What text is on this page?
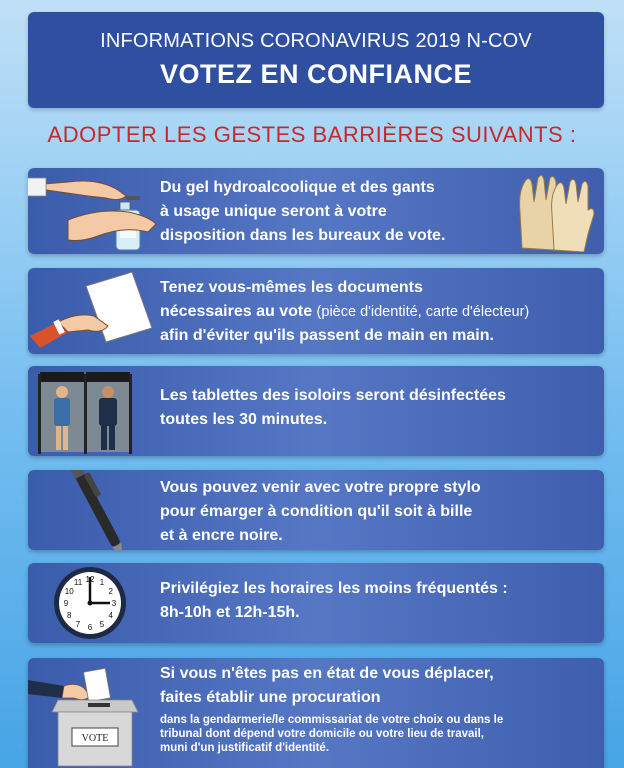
INFORMATIONS CORONAVIRUS 2019 N-COV
VOTEZ EN CONFIANCE
ADOPTER LES GESTES BARRIÈRES SUIVANTS :
Du gel hydroalcoolique et des gants
à usage unique seront à votre
disposition dans les bureaux de vote.
Tenez vous-mêmes les documents
nécessaires au vote (pièce d'identité, carte d'électeur)
afin d'éviter qu'ils passent de main en main.
Les tablettes des isoloirs seront désinfectées
toutes les 30 minutes.
Vous pouvez venir avec votre propre stylo
pour émarger à condition qu'il soit à bille
et à encre noire.
12 1
2
3
4
5
6
7
8
9
10
11	Privilégiez les horaires les moins fréquentés :
8h-10h et 12h-15h.
VOTE
Si vous n'êtes pas en état de vous déplacer,
faites établir une procuration
dans la gendarmerie/le commissariat de votre choix ou dans le
tribunal dont dépend votre domicile ou votre lieu de travail,
muni d'un justificatif d'identité.
